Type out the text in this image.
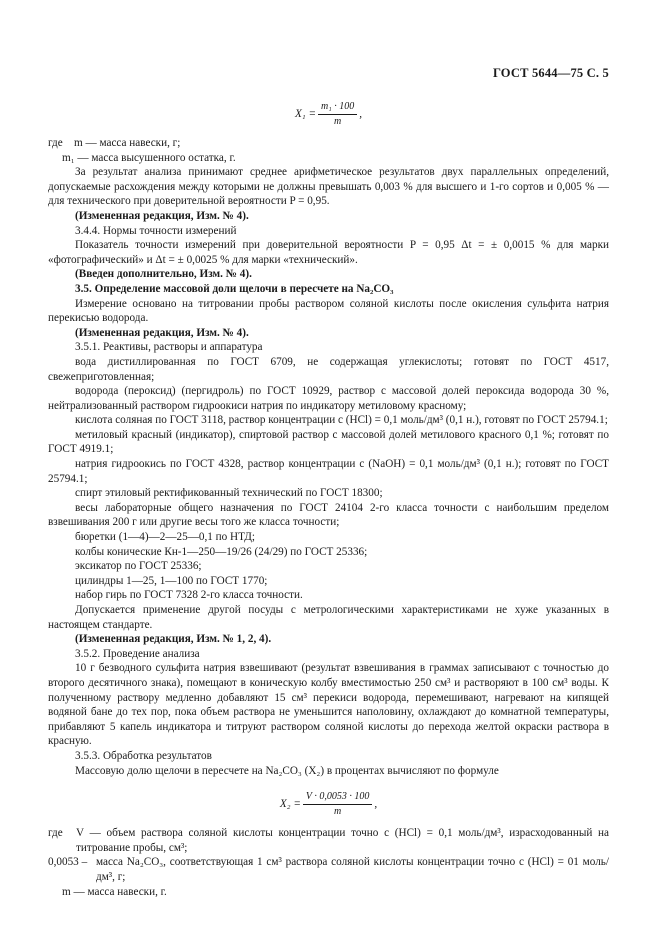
ГОСТ 5644—75 С. 5
$X_1 = \frac{\text{m₁ · 100}}{m}$ ,
где	m — масса навески, г;

m₁ — масса высушенного остатка, г.

За результат анализа принимают среднее арифметическое результатов двух параллельных определений, допускаемые расхождения между которыми не должны превышать 0,003 % для высшего и 1-го сортов и 0,005 % — для технического при доверительной вероятности P = 0,95.

(Измененная редакция, Изм. № 4).

3.4.4. Нормы точности измерений

Показатель точности измерений при доверительной вероятности P = 0,95 Δt = ± 0,0015 % для марки «фотографический» и Δt = ± 0,0025 % для марки «технический».

(Введен дополнительно, Изм. № 4).

3.5. Определение массовой доли щелочи в пересчете на Na₂CO₃

Измерение основано на титровании пробы раствором соляной кислоты после окисления сульфита натрия перекисью водорода.

(Измененная редакция, Изм. № 4).

3.5.1. Реактивы, растворы и аппаратура

вода дистиллированная по ГОСТ 6709, не содержащая углекислоты; готовят по ГОСТ 4517, свежеприготовленная;

водорода (пероксид) (пергидроль) по ГОСТ 10929, раствор с массовой долей пероксида водорода 30 %, нейтрализованный раствором гидроокиси натрия по индикатору метиловому красному;

кислота соляная по ГОСТ 3118, раствор концентрации c (HCl) = 0,1 моль/дм³ (0,1 н.), готовят по ГОСТ 25794.1;

метиловый красный (индикатор), спиртовой раствор с массовой долей метилового красного 0,1 %; готовят по ГОСТ 4919.1;

натрия гидроокись по ГОСТ 4328, раствор концентрации c (NaOH) = 0,1 моль/дм³ (0,1 н.); готовят по ГОСТ 25794.1;

спирт этиловый ректификованный технический по ГОСТ 18300;

весы лабораторные общего назначения по ГОСТ 24104 2-го класса точности с наибольшим пределом взвешивания 200 г или другие весы того же класса точности;

бюретки (1—4)—2—25—0,1 по НТД;

колбы конические Кн-1—250—19/26 (24/29) по ГОСТ 25336;

эксикатор по ГОСТ 25336;

цилиндры 1—25, 1—100 по ГОСТ 1770;

набор гирь по ГОСТ 7328 2-го класса точности.

Допускается применение другой посуды с метрологическими характеристиками не хуже указанных в настоящем стандарте.

(Измененная редакция, Изм. № 1, 2, 4).

3.5.2. Проведение анализа

10 г безводного сульфита натрия взвешивают (результат взвешивания в граммах записывают с точностью до второго десятичного знака), помещают в коническую колбу вместимостью 250 см³ и растворяют в 100 см³ воды. К полученному раствору медленно добавляют 15 см³ перекиси водорода, перемешивают, нагревают на кипящей водяной бане до тех пор, пока объем раствора не уменьшится наполовину, охлаждают до комнатной температуры, прибавляют 5 капель индикатора и титруют раствором соляной кислоты до перехода желтой окраски раствора в красную.

3.5.3. Обработка результатов

Массовую долю щелочи в пересчете на Na₂CO₃ (X₂) в процентах вычисляют по формуле

$X_2 = \frac{V \cdot 0,0053 \cdot 100}{m}$ ,
где	V — объем раствора соляной кислоты концентрации точно c (HCl) = 0,1 моль/дм³, израсходованный на титрование пробы, см³;
0,0053 – масса Na₂CO₃, соответствующая 1 см³ раствора соляной кислоты концентрации точно c (HCl) = 01 моль/дм³, г;

m — масса навески, г.
